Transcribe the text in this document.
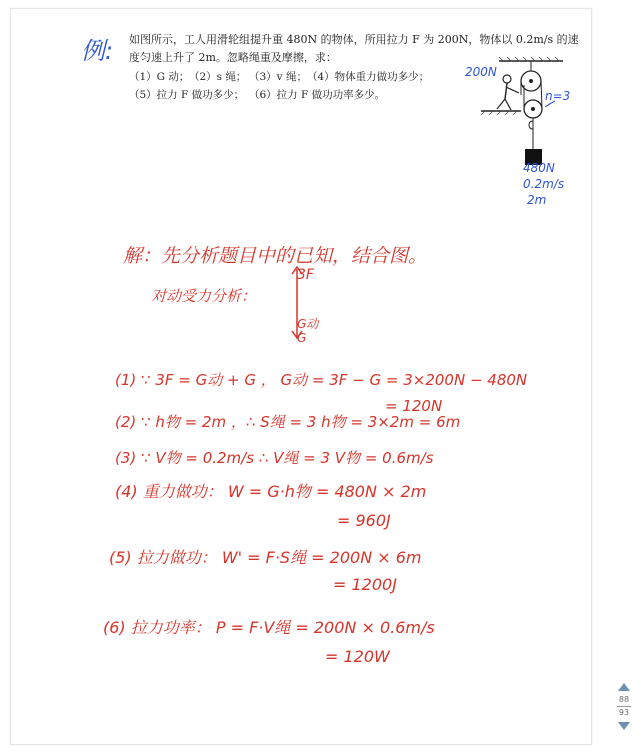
例: 如图所示，工人用滑轮组提升重 480N 的物体，所用拉力 F 为 200N，物体以 0.2m/s 的速
度匀速上升了 2m。忽略绳重及摩擦，求：
（1）G 动； （2）s 绳； （3）v 绳； （4）物体重力做功多少；
（5）拉力 F 做功多少； （6）拉力 F 做功功率多少。
200N
n=3
480N
0.2m/s
2m
解：先分析题目中的已知，结合图。
对动受力分析：
3F
G动
G
(1) ∵ 3F = G动 + G ， G动 = 3F − G = 3×200N − 480N
= 120N
(2) ∵ h物 = 2m ，∴ S绳 = 3 h物 = 3×2m = 6m
(3) ∵ V物 = 0.2m/s ∴ V绳 = 3 V物 = 0.6m/s
(4) 重力做功： W = G·h物 = 480N × 2m
= 960J
(5) 拉力做功： W' = F·S绳 = 200N × 6m
= 1200J
(6) 拉力功率： P = F·V绳 = 200N × 0.6m/s
= 120W
88
93
